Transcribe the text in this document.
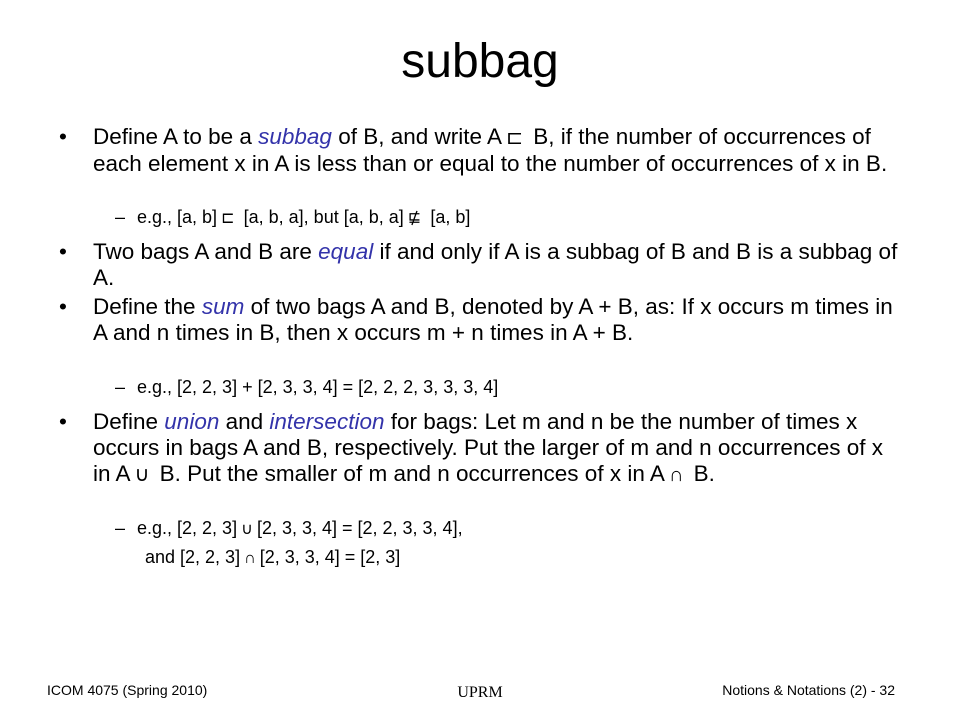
subbag
• Define A to be a subbag of B, and write A ⊏ B, if the number of occurrences of each element x in A is less than or equal to the number of occurrences of x in B.
– e.g., [a, b] ⊏ [a, b, a], but [a, b, a] ⋢ [a, b]
• Two bags A and B are equal if and only if A is a subbag of B and B is a subbag of A.
• Define the sum of two bags A and B, denoted by A + B, as: If x occurs m times in A and n times in B, then x occurs m + n times in A + B.
– e.g., [2, 2, 3] + [2, 3, 3, 4] = [2, 2, 2, 3, 3, 3, 4]
• Define union and intersection for bags: Let m and n be the number of times x occurs in bags A and B, respectively. Put the larger of m and n occurrences of x in A ∪ B. Put the smaller of m and n occurrences of x in A ∩ B.
– e.g., [2, 2, 3] ∪ [2, 3, 3, 4] = [2, 2, 3, 3, 4],
and [2, 2, 3] ∩ [2, 3, 3, 4] = [2, 3]
ICOM 4075 (Spring 2010)	UPRM	Notions & Notations (2) - 32
